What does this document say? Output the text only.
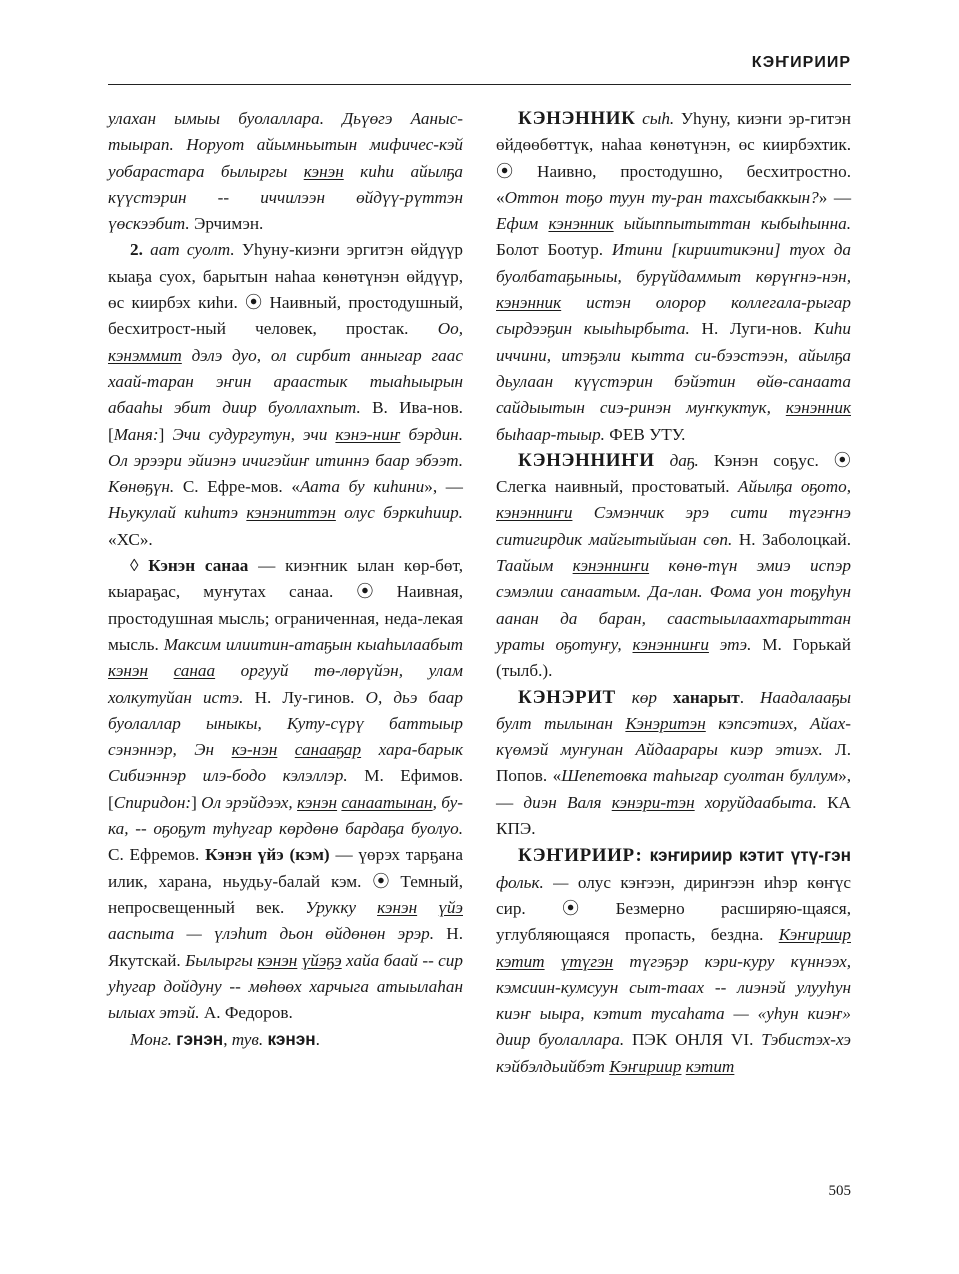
КЭҤИРИИР

улахан ымыы буолаллара. Дьүөгэ Ааныс-тыырап. Норуот айымньытын мифичес-кэй уобарастара былыргы кэнэн киhи айылҕа күүстэрин -- иччилээн өйдүү-рүттэн үөскээбит. Эрчимэн.

2. аат суолт. Уhуну-киэҥи эргитэн өйдүүр кыаҕа суох, барытын наhаа көнөтүнэн өйдүүр, өс киирбэх киhи. ⦿ Наивный, простодушный, бесхитрост-ный человек, простак. Оо, кэнэммит дэлэ дуо, ол сирбит анныгар гаас хаай-таран эҥин араастык тыаhыырын абааhы эбит диир буоллахпыт. В. Ива-нов. [Маня:] Эчи судургутун, эчи кэнэ-ниҥ бэрдин. Ол эрээри эйиэнэ ичигэйиҥ итиннэ баар эбээт. Көнөҕүн. С. Ефре-мов. «Аата бу киhини», — Ньукулай киhитэ кэнэниттэн олус бэркиhиир. «ХС».

◊ Кэнэн санаа — киэҥник ылан көр-бөт, кыараҕас, муҥутах санаа. ⦿ Наивная, простодушная мысль; ограниченная, неда-лекая мысль. Максим илиитин-атаҕын кыаhылаабыт кэнэн санаа оргууй тө-лөрүйэн, улам холкутуйан истэ. Н. Лу-гинов. О, дьэ баар буолаллар ыныкы, Куту-сүрү баттыыр сэнэннэр, Эн кэ-нэн санааҕар хара-барык Сибиэннэр илэ-бодо кэлэллэр. М. Ефимов. [Спиридон:] Ол эрэйдээх, кэнэн санаатынан, бу-ка, -- оҕоҕут туhугар көрдөнө бардаҕа буолуо. С. Ефремов. Кэнэн үйэ (кэм) — үөрэх тарҕана илик, харана, ньудьу-балай кэм. ⦿ Темный, непросвещенный век. Урукку кэнэн үйэ ааспыта — үлэhит дьон өйдөнөн эрэр. Н. Якутскай. Былыргы кэнэн үйэҕэ хайа баай -- сир уhугар дойдуну -- мөhөөх харчыга атыылаhан ылыах этэй. А. Федоров.

Монг. гэнэн, тув. кэнэн.

КЭНЭННИК сыh. Уhуну, киэҥи эр-гитэн өйдөөбөттүк, наhаа көнөтүнэн, өс киирбэхтик. ⦿ Наивно, простодушно, бесхитростно. «Оттон тоҕо туун ту-ран тахсыбаккын?» — Ефим кэнэнник ыйыппытыттан кыбыhынна. Болот Боотур. Итини [кириитикэни] туох да буолбатаҕыныы, бурүйдаммыт көрүҥнэ-нэн, кэнэнник истэн олорор коллегала-рыгар сырдээҕин кыыhырбыта. Н. Луги-нов. Киhи иччини, итэҕэли кытта си-бээстээн, айылҕа дьулаан күүстэрин бэйэтин өйө-санаата сайдыытын сиэ-ринэн муҥкуктук, кэнэнник быhаар-тыыр. ФЕВ УТУ.

КЭНЭННИҤИ даҕ. Кэнэн соҕус. ⦿ Слегка наивный, простоватый. Айылҕа оҕото, кэнэнниҥи Сэмэнчик эрэ сити түгэҥнэ ситигирдик майгытыйыан сөп. Н. Заболоцкай. Таайым кэнэнниҥи көнө-түн эмиэ испэр сэмэлии санаатым. Да-лан. Фома уон тоҕуhун аанан да баран, саастыылаахтарыттан ураты оҕотуҥу, кэнэнниҥи этэ. М. Горькай (тылб.).

КЭНЭРИТ көр ханарыт. Наадалааҕы булт тылынан Кэнэритэн кэпсэтиэх, Айах-күөмэй муҥунан Айдаарары киэр этиэх. Л. Попов. «Шепетовка таhыгар суолтан буллум», — диэн Валя кэнэри-тэн хоруйдаабыта. КА КПЭ.

КЭҤИРИИР: кэҥириир кэтит үтү-гэн фольк. — олус кэҥээн, дириҥээн иhэр көҥүс сир. ⦿ Безмерно расширяю-щаяся, углубляющаяся пропасть, бездна. Кэҥириир кэтит үтүгэн түгэҕэр кэри-куру күннээх, кэмсиин-кумсуун сыт-таах -- лиэнэй улууhун киэҥ ыыра, кэтит тусаhата — «уhун киэҥ» диир буолаллара. ПЭК ОНЛЯ VI. Тэбистэх-хэ кэйбэлдьийбэт Кэҥириир кэтит

505
